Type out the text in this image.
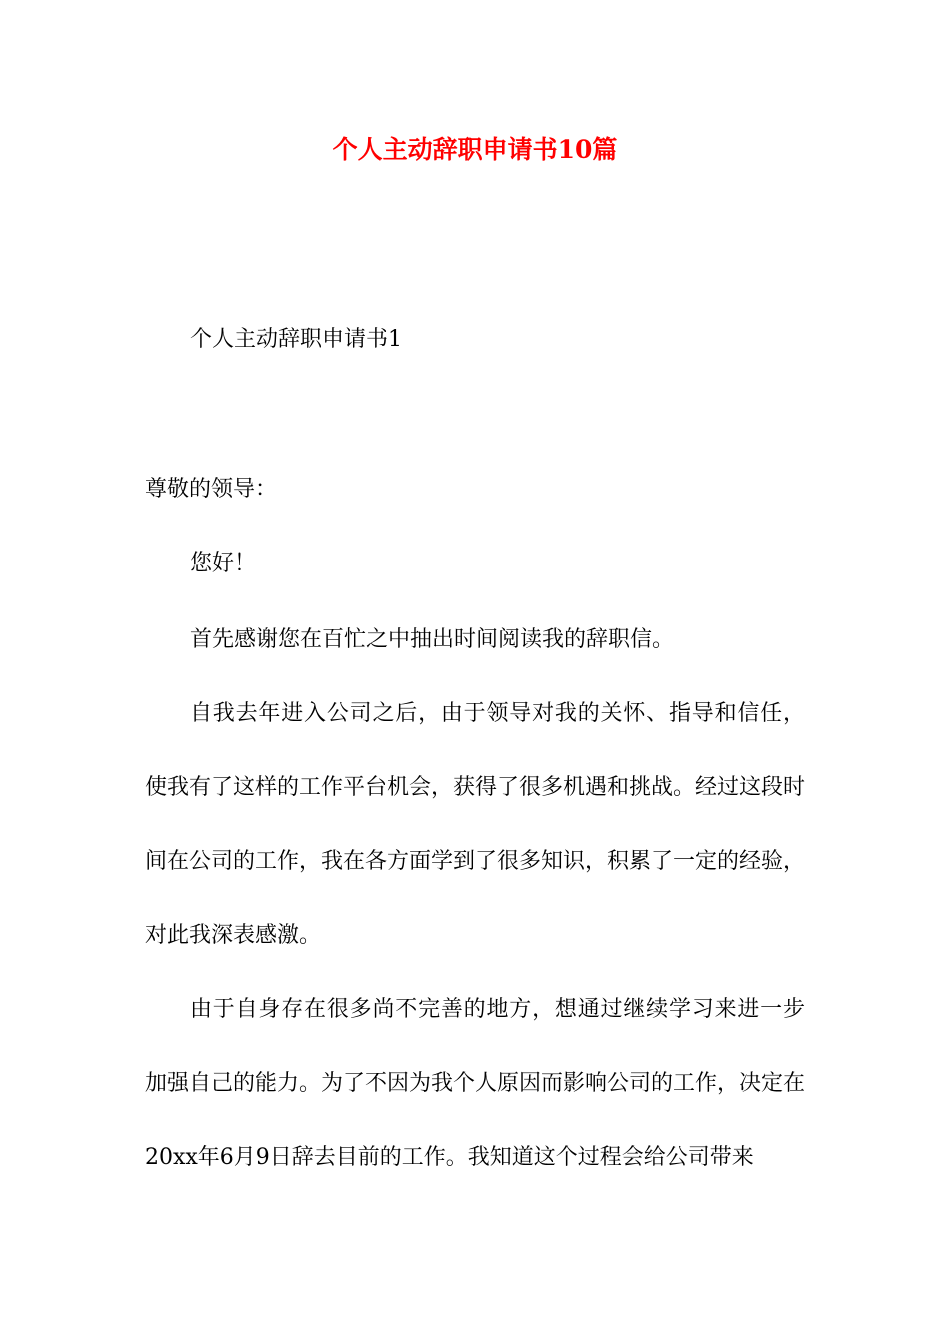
个人主动辞职申请书10篇

个人主动辞职申请书1

尊敬的领导：

您好！

首先感谢您在百忙之中抽出时间阅读我的辞职信。

自我去年进入公司之后，由于领导对我的关怀、指导和信任，使我有了这样的工作平台机会，获得了很多机遇和挑战。经过这段时间在公司的工作，我在各方面学到了很多知识，积累了一定的经验，对此我深表感激。

由于自身存在很多尚不完善的地方，想通过继续学习来进一步加强自己的能力。为了不因为我个人原因而影响公司的工作，决定在20xx年6月9日辞去目前的工作。我知道这个过程会给公司带来
